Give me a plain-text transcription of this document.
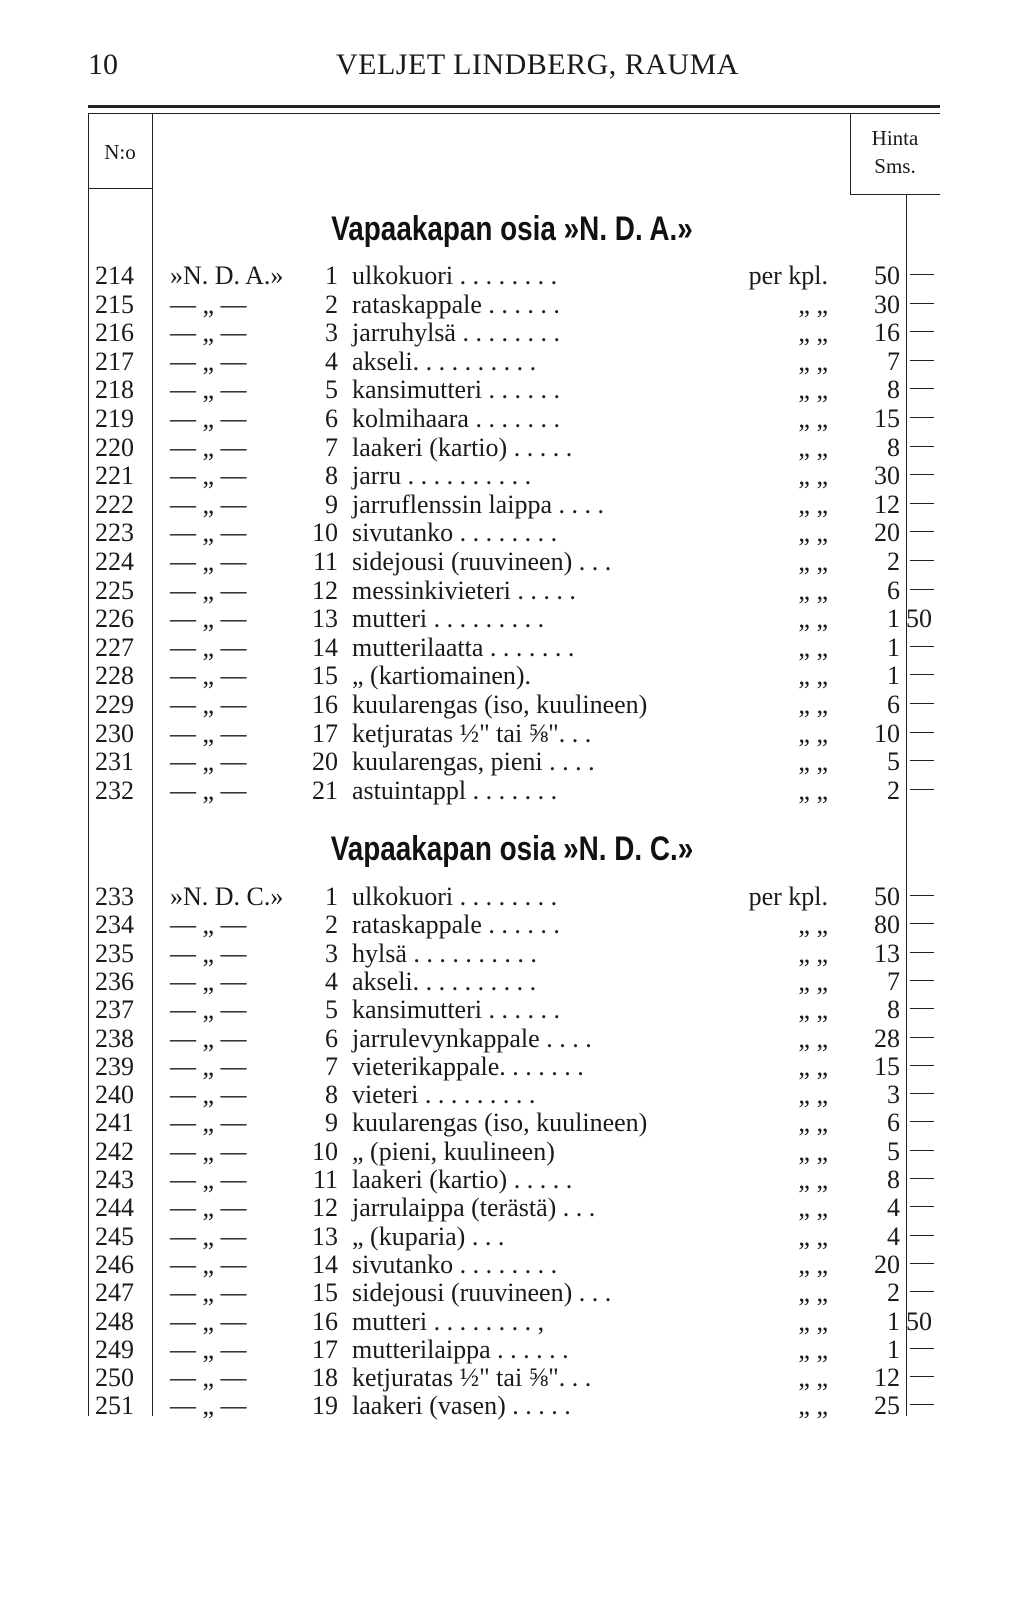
10	VELJET LINDBERG, RAUMA
N:o
Hinta
Sms.
Vapaakapan osia »N. D. A.»
214	»N. D. A.»	1 ulkokuori . . . . . . . .	per kpl.	50
215	— „ —	2 rataskappale . . . . . .	„ „	30
216	— „ —	3 jarruhylsä . . . . . . . .	„ „	16
217	— „ —	4 akseli. . . . . . . . . .	„ „	7
218	— „ —	5 kansimutteri . . . . . .	„ „	8
219	— „ —	6 kolmihaara . . . . . . .	„ „	15
220	— „ —	7 laakeri (kartio) . . . . .	„ „	8
221	— „ —	8 jarru . . . . . . . . . .	„ „	30
222	— „ —	9 jarruflenssin laippa . . . .	„ „	12
223	— „ —	10 sivutanko . . . . . . . .	„ „	20
224	— „ —	11 sidejousi (ruuvineen) . . .	„ „	2
225	— „ —	12 messinkivieteri . . . . .	„ „	6
226	— „ —	13 mutteri . . . . . . . . .	„ „	1 50
227	— „ —	14 mutterilaatta . . . . . . .	„ „	1
228	— „ —	15 „ (kartiomainen).	„ „	1
229	— „ —	16 kuularengas (iso, kuulineen)	„ „	6
230	— „ —	17 ketjuratas ½" tai ⅝". . .	„ „	10
231	— „ —	20 kuularengas, pieni . . . .	„ „	5
232	— „ —	21 astuintappl . . . . . . .	„ „	2
Vapaakapan osia »N. D. C.»
233	»N. D. C.»	1 ulkokuori . . . . . . . .	per kpl.	50
234	— „ —	2 rataskappale . . . . . .	„ „	80
235	— „ —	3 hylsä . . . . . . . . . .	„ „	13
236	— „ —	4 akseli. . . . . . . . . .	„ „	7
237	— „ —	5 kansimutteri . . . . . .	„ „	8
238	— „ —	6 jarrulevynkappale . . . .	„ „	28
239	— „ —	7 vieterikappale. . . . . . .	„ „	15
240	— „ —	8 vieteri . . . . . . . . .	„ „	3
241	— „ —	9 kuularengas (iso, kuulineen)	„ „	6
242	— „ —	10 „ (pieni, kuulineen)	„ „	5
243	— „ —	11 laakeri (kartio) . . . . .	„ „	8
244	— „ —	12 jarrulaippa (terästä) . . .	„ „	4
245	— „ —	13 „ (kuparia) . . .	„ „	4
246	— „ —	14 sivutanko . . . . . . . .	„ „	20
247	— „ —	15 sidejousi (ruuvineen) . . .	„ „	2
248	— „ —	16 mutteri . . . . . . . . ,	„ „	1 50
249	— „ —	17 mutterilaippa . . . . . .	„ „	1
250	— „ —	18 ketjuratas ½" tai ⅝". . .	„ „	12
251	— „ —	19 laakeri (vasen) . . . . .	„ „	25
